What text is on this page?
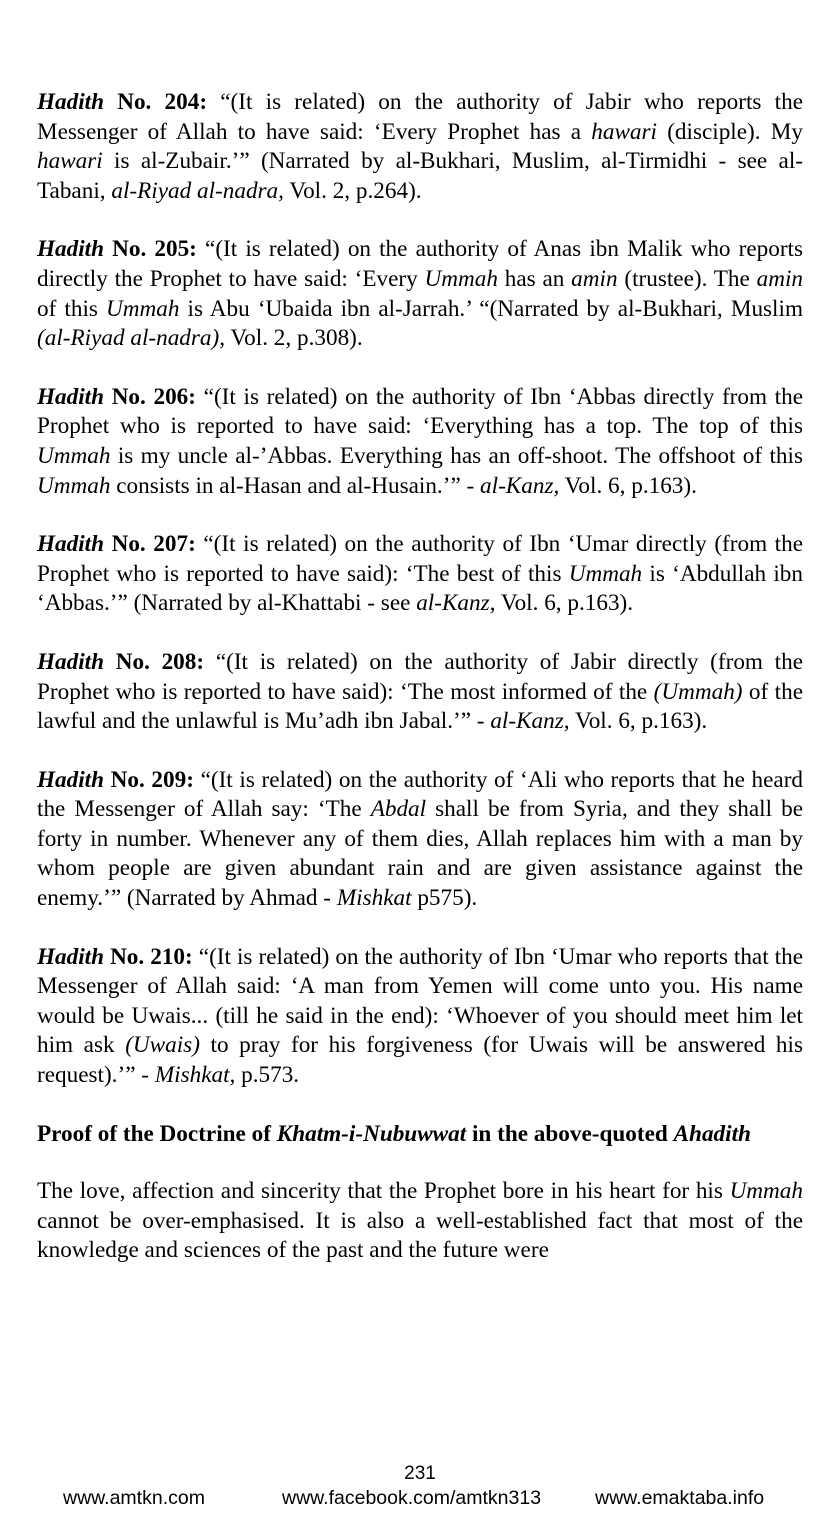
Hadith No. 204: “(It is related) on the authority of Jabir who reports the Messenger of Allah to have said: ‘Every Prophet has a hawari (disciple). My hawari is al-Zubair.’” (Narrated by al-Bukhari, Muslim, al-Tirmidhi - see al-Tabani, al-Riyad al-nadra, Vol. 2, p.264).

Hadith No. 205: “(It is related) on the authority of Anas ibn Malik who reports directly the Prophet to have said: ‘Every Ummah has an amin (trustee). The amin of this Ummah is Abu ‘Ubaida ibn al-Jarrah.’ “(Narrated by al-Bukhari, Muslim (al-Riyad al-nadra), Vol. 2, p.308).

Hadith No. 206: “(It is related) on the authority of Ibn ‘Abbas directly from the Prophet who is reported to have said: ‘Everything has a top. The top of this Ummah is my uncle al-’Abbas. Everything has an off-shoot. The offshoot of this Ummah consists in al-Hasan and al-Husain.’” - al-Kanz, Vol. 6, p.163).

Hadith No. 207: “(It is related) on the authority of Ibn ‘Umar directly (from the Prophet who is reported to have said): ‘The best of this Ummah is ‘Abdullah ibn ‘Abbas.’” (Narrated by al-Khattabi - see al-Kanz, Vol. 6, p.163).

Hadith No. 208: “(It is related) on the authority of Jabir directly (from the Prophet who is reported to have said): ‘The most informed of the (Ummah) of the lawful and the unlawful is Mu’adh ibn Jabal.’” - al-Kanz, Vol. 6, p.163).

Hadith No. 209: “(It is related) on the authority of ‘Ali who reports that he heard the Messenger of Allah say: ‘The Abdal shall be from Syria, and they shall be forty in number. Whenever any of them dies, Allah replaces him with a man by whom people are given abundant rain and are given assistance against the enemy.’” (Narrated by Ahmad - Mishkat p575).

Hadith No. 210: “(It is related) on the authority of Ibn ‘Umar who reports that the Messenger of Allah said: ‘A man from Yemen will come unto you. His name would be Uwais... (till he said in the end): ‘Whoever of you should meet him let him ask (Uwais) to pray for his forgiveness (for Uwais will be answered his request).’” - Mishkat, p.573.

Proof of the Doctrine of Khatm-i-Nubuwwat in the above-quoted Ahadith

The love, affection and sincerity that the Prophet bore in his heart for his Ummah cannot be over-emphasised. It is also a well-established fact that most of the knowledge and sciences of the past and the future were

231
www.amtkn.com	www.facebook.com/amtkn313	www.emaktaba.info
